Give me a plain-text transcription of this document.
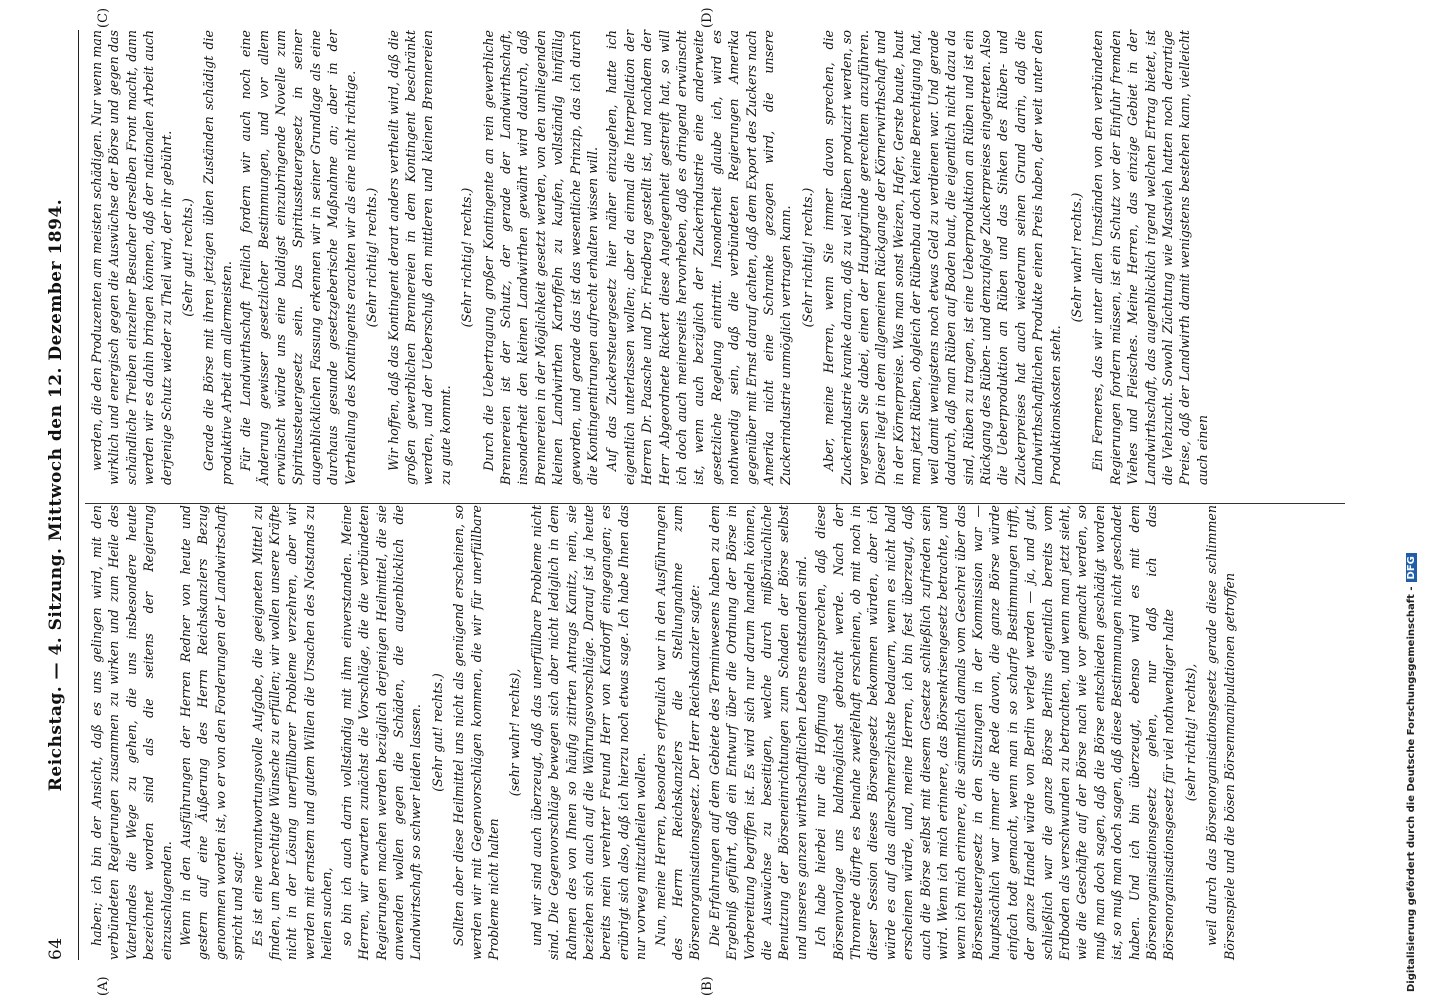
64
Reichstag. — 4. Sitzung. Mittwoch den 12. Dezember 1894.
(A)	(B)
(C)	(D)

haben; ich bin der Ansicht, daß es uns gelingen wird, mit den verbündeten Regierungen zusammen zu wirken und zum Heile des Vaterlandes die Wege zu gehen, die uns insbesondere heute bezeichnet worden sind als die seitens der Regierung einzuschlagenden. Wenn in den Ausführungen der Herren Redner von heute und gestern auf eine Äußerung des Herrn Reichskanzlers Bezug genommen worden ist, wo er von den Forderungen der Landwirtschaft spricht und sagt: Es ist eine verantwortungsvolle Aufgabe, die geeigneten Mittel zu finden, um berechtigte Wünsche zu erfüllen; wir wollen unsere Kräfte nicht in der Lösung unerfüllbarer Probleme verzehren, aber wir werden mit ernstem und gutem Willen die Ursachen des Notstands zu heilen suchen, so bin ich auch darin vollständig mit ihm einverstanden. Meine Herren, wir erwarten zunächst die Vorschläge, die die verbündeten Regierungen machen werden bezüglich derjenigen Heilmittel, die sie anwenden wollen gegen die Schäden, die augenblicklich die Landwirtschaft so schwer leiden lassen. (Sehr gut! rechts.) Sollten aber diese Heilmittel uns nicht als genügend erscheinen, so werden wir mit Gegenvorschlägen kommen, die wir für unerfüllbare Probleme nicht halten

(sehr wahr! rechts), und wir sind auch überzeugt, daß das unerfüllbare Probleme nicht sind. Die Gegenvorschläge bewegen sich aber nicht lediglich in dem Rahmen des von Ihnen so häufig zitirten Antrags Kanitz, nein, sie beziehen sich auch auf die Währungsvorschläge. Darauf ist ja heute bereits mein verehrter Freund Herr von Kardorff eingegangen; es erübrigt sich also, daß ich hierzu noch etwas sage. Ich habe Ihnen das nur vorweg mitzutheilen wollen. Nun, meine Herren, besonders erfreulich war in den Ausführungen des Herrn Reichskanzlers die Stellungnahme zum Börsenorganisationsgesetz. Der Herr Reichskanzler sagte: Die Erfahrungen auf dem Gebiete des Terminwesens haben zu dem Ergebniß geführt, daß ein Entwurf über die Ordnung der Börse in Vorbereitung begriffen ist. Es wird sich nur darum handeln können, die Auswüchse zu beseitigen, welche durch mißbräuchliche Benutzung der Börseneinrichtungen zum Schaden der Börse selbst und unseres ganzen wirthschaftlichen Lebens entstanden sind. Ich habe hierbei nur die Hoffnung auszusprechen, daß diese Börsenvorlage uns baldmöglichst gebracht werde. Nach der Thronrede dürfte es beinahe zweifelhaft erscheinen, ob mit noch in dieser Session dieses Börsengesetz bekommen würden, aber ich würde es auf das allerschmerzlichste bedauern, wenn es nicht bald erscheinen würde, und, meine Herren, ich bin fest überzeugt, daß auch die Börse selbst mit diesem Gesetze schließlich zufrieden sein wird. Wenn ich mich erinnere, das Börsenkrisengesetz betrachte, und wenn ich mich erinnere, die sämmtlich damals vom Geschrei über das Börsensteuergesetz in den Sitzungen in der Kommission war — hauptsächlich war immer die Rede davon, die ganze Börse würde einfach todt gemacht, wenn man in so scharfe Bestimmungen trifft, der ganze Handel würde von Berlin verlegt werden — ja, und gut, schließlich war die ganze Börse Berlins eigentlich bereits vom Erdboden als verschwunden zu betrachten, und wenn man jetzt sieht, wie die Geschäfte auf der Börse nach wie vor gemacht werden, so muß man doch sagen, daß die Börse entschieden geschädigt worden ist, so muß man doch sagen, daß diese Bestimmungen nicht geschadet haben. Und ich bin überzeugt, ebenso wird es mit dem Börsenorganisationsgesetz gehen, nur daß ich das Börsenorganisationsgesetz für viel nothwendiger halte (sehr richtig! rechts), weil durch das Börsenorganisationsgesetz gerade diese schlimmen Börsenspiele und die bösen Börsenmanipulationen getroffen

werden, die den Produzenten am meisten schädigen. Nur wenn man wirklich und energisch gegen die Auswüchse der Börse und gegen das schändliche Treiben einzelner Besucher derselben Front macht, dann werden wir es dahin bringen können, daß der nationalen Arbeit auch derjenige Schutz wieder zu Theil wird, der ihr gebührt. (Sehr gut! rechts.) Gerade die Börse mit ihren jetzigen üblen Zuständen schädigt die produktive Arbeit am allermeisten. Für die Landwirthschaft freilich fordern wir auch noch eine Änderung gewisser gesetzlicher Bestimmungen, und vor allem erwünscht würde uns eine baldigst einzubringende Novelle zum Spiritussteuergesetz sein. Das Spiritussteuergesetz in seiner augenblicklichen Fassung erkennen wir in seiner Grundlage als eine durchaus gesunde gesetzgeberische Maßnahme an; aber in der Vertheilung des Kontingents erachten wir als eine nicht richtige. (Sehr richtig! rechts.) Wir hoffen, daß das Kontingent derart anders vertheilt wird, daß die großen gewerblichen Brennereien in dem Kontingent beschränkt werden, und der Ueberschuß den mittleren und kleinen Brennereien zu gute kommt.

(Sehr richtig! rechts.) Durch die Uebertragung großer Kontingente an rein gewerbliche Brennereien ist der Schutz, der gerade der Landwirthschaft, insonderheit den kleinen Landwirthen gewährt wird dadurch, daß Brennereien in der Möglichkeit gesetzt werden, von den umliegenden kleinen Landwirthen Kartoffeln zu kaufen, vollständig hinfällig geworden, und gerade das ist das wesentliche Prinzip, das ich durch die Kontingentirungen aufrecht erhalten wissen will. Auf das Zuckersteuergesetz hier näher einzugehen, hatte ich eigentlich unterlassen wollen; aber da einmal die Interpellation der Herren Dr. Paasche und Dr. Friedberg gestellt ist, und nachdem der Herr Abgeordnete Rickert diese Angelegenheit gestreift hat, so will ich doch auch meinerseits hervorheben, daß es dringend erwünscht ist, wenn auch bezüglich der Zuckerindustrie eine anderweite gesetzliche Regelung eintritt. Insonderheit glaube ich, wird es nothwendig sein, daß die verbündeten Regierungen Amerika gegenüber mit Ernst darauf achten, daß dem Export des Zuckers nach Amerika nicht eine Schranke gezogen wird, die unsere Zuckerindustrie unmöglich vertragen kann. (Sehr richtig! rechts.) Aber, meine Herren, wenn Sie immer davon sprechen, die Zuckerindustrie kranke daran, daß zu viel Rüben produzirt werden, so vergessen Sie dabei, einen der Hauptgründe gerechtem anzuführen. Dieser liegt in dem allgemeinen Rückgange der Körnerwirthschaft und in der Körnerpreise. Was man sonst Weizen, Hafer, Gerste baute, baut man jetzt Rüben, obgleich der Rübenbau doch keine Berechtigung hat, weil damit wenigstens noch etwas Geld zu verdienen war. Und gerade dadurch, daß man Rüben auf Boden baut, die eigentlich nicht dazu da sind, Rüben zu tragen, ist eine Ueberproduktion an Rüben und ist ein Rückgang des Rüben- und demzufolge Zuckerpreises eingetreten. Also die Ueberproduktion an Rüben und das Sinken des Rüben- und Zuckerpreises hat auch wiederum seinen Grund darin, daß die landwirthschaftlichen Produkte einen Preis haben, der weit unter den Produktionskosten steht.

(Sehr wahr! rechts.) Ein Ferneres, das wir unter allen Umständen von den verbündeten Regierungen fordern müssen, ist ein Schutz vor der Einfuhr fremden Viehes und Fleisches. Meine Herren, das einzige Gebiet in der Landwirthschaft, das augenblicklich irgend welchen Ertrag bietet, ist die Viehzucht. Sowohl Züchtung wie Mastvieh hatten noch derartige Preise, daß der Landwirth damit wenigstens bestehen kann, vielleicht auch einen

Digitalisierung gefördert durch die Deutsche Forschungsgemeinschaft -DFG
